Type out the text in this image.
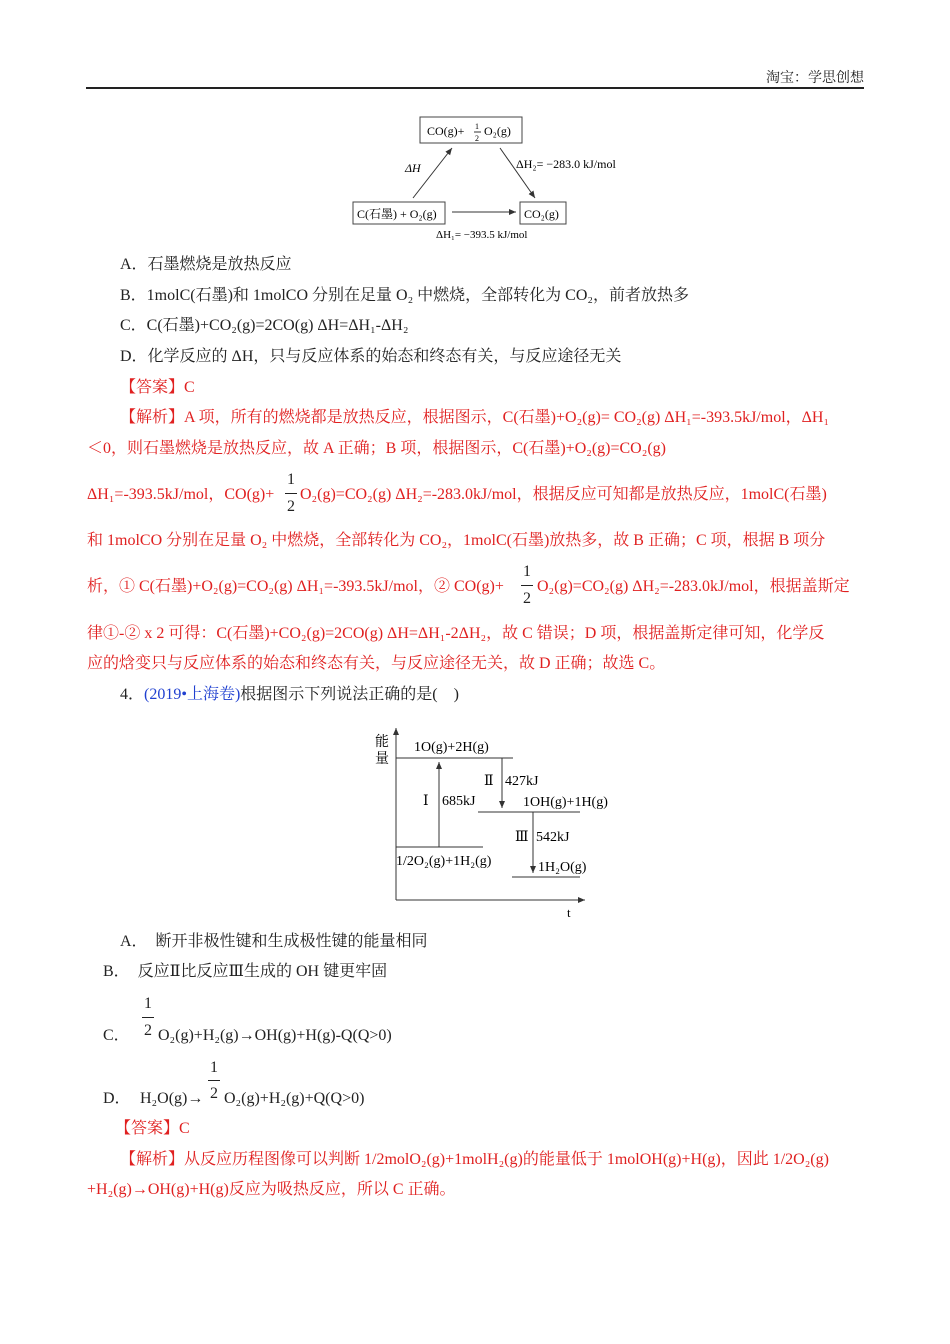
淘宝：学思创想
CO(g)+ 1
2
O₂(g)
C(石墨) + O₂(g)	CO₂(g)
ΔH	ΔH₂= −283.0 kJ/mol
ΔH₁= −393.5 kJ/mol
A．石墨燃烧是放热反应
B．1molC(石墨)和 1molCO 分别在足量 O₂ 中燃烧，全部转化为 CO₂，前者放热多
C．C(石墨)+CO₂(g)=2CO(g) ΔH=ΔH₁-ΔH₂
D．化学反应的 ΔH，只与反应体系的始态和终态有关，与反应途径无关
【答案】C
【解析】A 项，所有的燃烧都是放热反应，根据图示，C(石墨)+O₂(g)= CO₂(g) ΔH₁=-393.5kJ/mol，ΔH₁
＜0，则石墨燃烧是放热反应，故 A 正确；B 项，根据图示，C(石墨)+O₂(g)=CO₂(g)
ΔH₁=-393.5kJ/mol，CO(g)+
1
2
O₂(g)=CO₂(g) ΔH₂=-283.0kJ/mol，根据反应可知都是放热反应，1molC(石墨)
和 1molCO 分别在足量 O₂ 中燃烧，全部转化为 CO₂，1molC(石墨)放热多，故 B 正确；C 项，根据 B 项分
析，① C(石墨)+O₂(g)=CO₂(g) ΔH₁=-393.5kJ/mol，② CO(g)+
1
2
O₂(g)=CO₂(g) ΔH₂=-283.0kJ/mol，根据盖斯定
律①-② x 2 可得：C(石墨)+CO₂(g)=2CO(g) ΔH=ΔH₁-2ΔH₂，故 C 错误；D 项，根据盖斯定律可知，化学反
应的焓变只与反应体系的始态和终态有关，与反应途径无关，故 D 正确；故选 C。
4．(2019•上海卷)根据图示下列说法正确的是(　)
能
量
t
1O(g)+2H(g)
1OH(g)+1H(g)
1/2O₂(g)+1H₂(g)	1H₂O(g)
Ⅰ 685kJ
Ⅱ 427kJ
Ⅲ 542kJ
A．　断开非极性键和生成极性键的能量相同
B．　反应Ⅱ比反应Ⅲ生成的 OH 键更牢固
C．
1
2 O₂(g)+H₂(g)→OH(g)+H(g)-Q(Q>0)
D． H₂O(g)→
1
2 O₂(g)+H₂(g)+Q(Q>0)
【答案】C
【解析】从反应历程图像可以判断 1/2molO₂(g)+1molH₂(g)的能量低于 1molOH(g)+H(g)，因此 1/2O₂(g)
+H₂(g)→OH(g)+H(g)反应为吸热反应，所以 C 正确。
